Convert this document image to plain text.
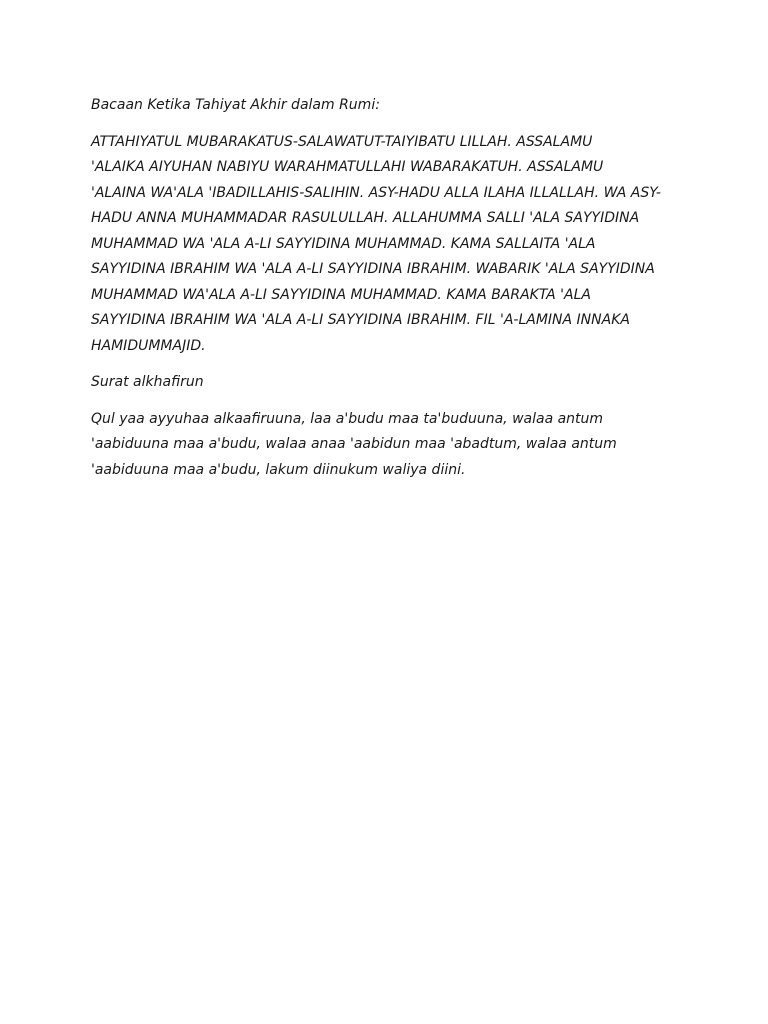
Bacaan Ketika Tahiyat Akhir dalam Rumi:

ATTAHIYATUL MUBARAKATUS-SALAWATUT-TAIYIBATU LILLAH. ASSALAMU
'ALAIKA AIYUHAN NABIYU WARAHMATULLAHI WABARAKATUH. ASSALAMU
'ALAINA WA'ALA 'IBADILLAHIS-SALIHIN. ASY-HADU ALLA ILAHA ILLALLAH. WA ASY-
HADU ANNA MUHAMMADAR RASULULLAH. ALLAHUMMA SALLI 'ALA SAYYIDINA
MUHAMMAD WA 'ALA A-LI SAYYIDINA MUHAMMAD. KAMA SALLAITA 'ALA
SAYYIDINA IBRAHIM WA 'ALA A-LI SAYYIDINA IBRAHIM. WABARIK 'ALA SAYYIDINA
MUHAMMAD WA'ALA A-LI SAYYIDINA MUHAMMAD. KAMA BARAKTA 'ALA
SAYYIDINA IBRAHIM WA 'ALA A-LI SAYYIDINA IBRAHIM. FIL 'A-LAMINA INNAKA
HAMIDUMMAJID.

Surat alkhafirun

Qul yaa ayyuhaa alkaafiruuna, laa a'budu maa ta'buduuna, walaa antum
'aabiduuna maa a'budu, walaa anaa 'aabidun maa 'abadtum, walaa antum
'aabiduuna maa a'budu, lakum diinukum waliya diini.
